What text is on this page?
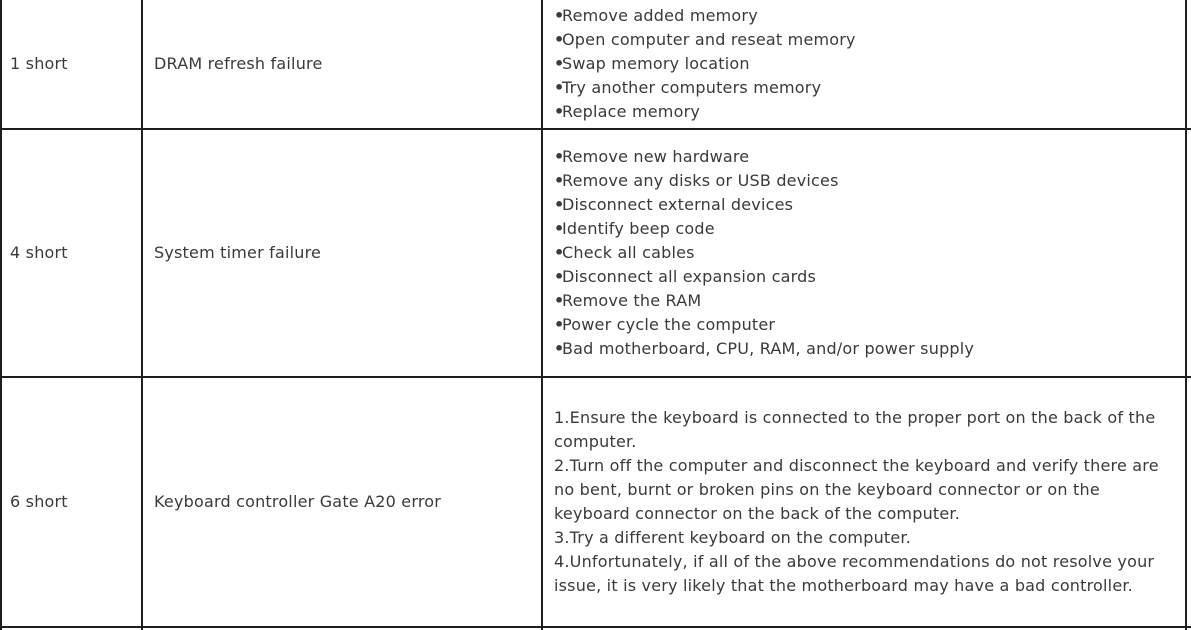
1 short	DRAM refresh failure
•Remove added memory
•Open computer and reseat memory
•Swap memory location
•Try another computers memory
•Replace memory
4 short	System timer failure
•Remove new hardware
•Remove any disks or USB devices
•Disconnect external devices
•Identify beep code
•Check all cables
•Disconnect all expansion cards
•Remove the RAM
•Power cycle the computer
•Bad motherboard, CPU, RAM, and/or power supply
6 short	Keyboard controller Gate A20 error

1.Ensure the keyboard is connected to the proper port on the back of the computer.

2.Turn off the computer and disconnect the keyboard and verify there are no bent, burnt or broken pins on the keyboard connector or on the keyboard connector on the back of the computer.

3.Try a different keyboard on the computer.

4.Unfortunately, if all of the above recommendations do not resolve your issue, it is very likely that the motherboard may have a bad controller.
